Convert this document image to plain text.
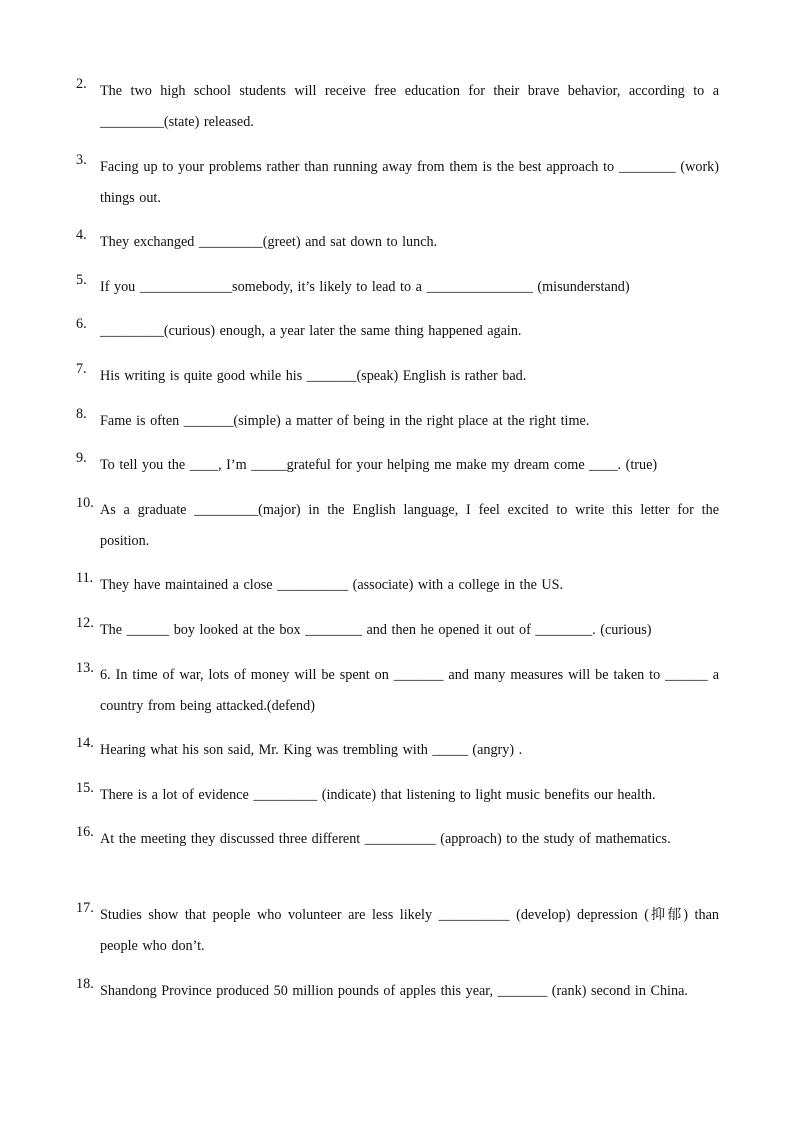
2. The two high school students will receive free education for their brave behavior, according to a _________(state) released.
3. Facing up to your problems rather than running away from them is the best approach to ________ (work) things out.
4. They exchanged _________(greet) and sat down to lunch.
5. If you _____________somebody, it’s likely to lead to a _______________ (misunderstand)
6. _________(curious) enough, a year later the same thing happened again.
7. His writing is quite good while his _______(speak) English is rather bad.
8. Fame is often _______(simple) a matter of being in the right place at the right time.
9. To tell you the ____, I’m _____grateful for your helping me make my dream come ____. (true)
10. As a graduate _________(major) in the English language, I feel excited to write this letter for the position.
11. They have maintained a close __________ (associate) with a college in the US.
12. The ______ boy looked at the box ________ and then he opened it out of ________. (curious)
13. 6. In time of war, lots of money will be spent on _______ and many measures will be taken to ______ a country from being attacked.(defend)
14. Hearing what his son said, Mr. King was trembling with _____ (angry) .
15. There is a lot of evidence _________ (indicate) that listening to light music benefits our health.
16. At the meeting they discussed three different __________ (approach) to the study of mathematics.
17. Studies show that people who volunteer are less likely __________ (develop) depression (抑郁) than people who don’t.
18. Shandong Province produced 50 million pounds of apples this year, _______ (rank) second in China.
